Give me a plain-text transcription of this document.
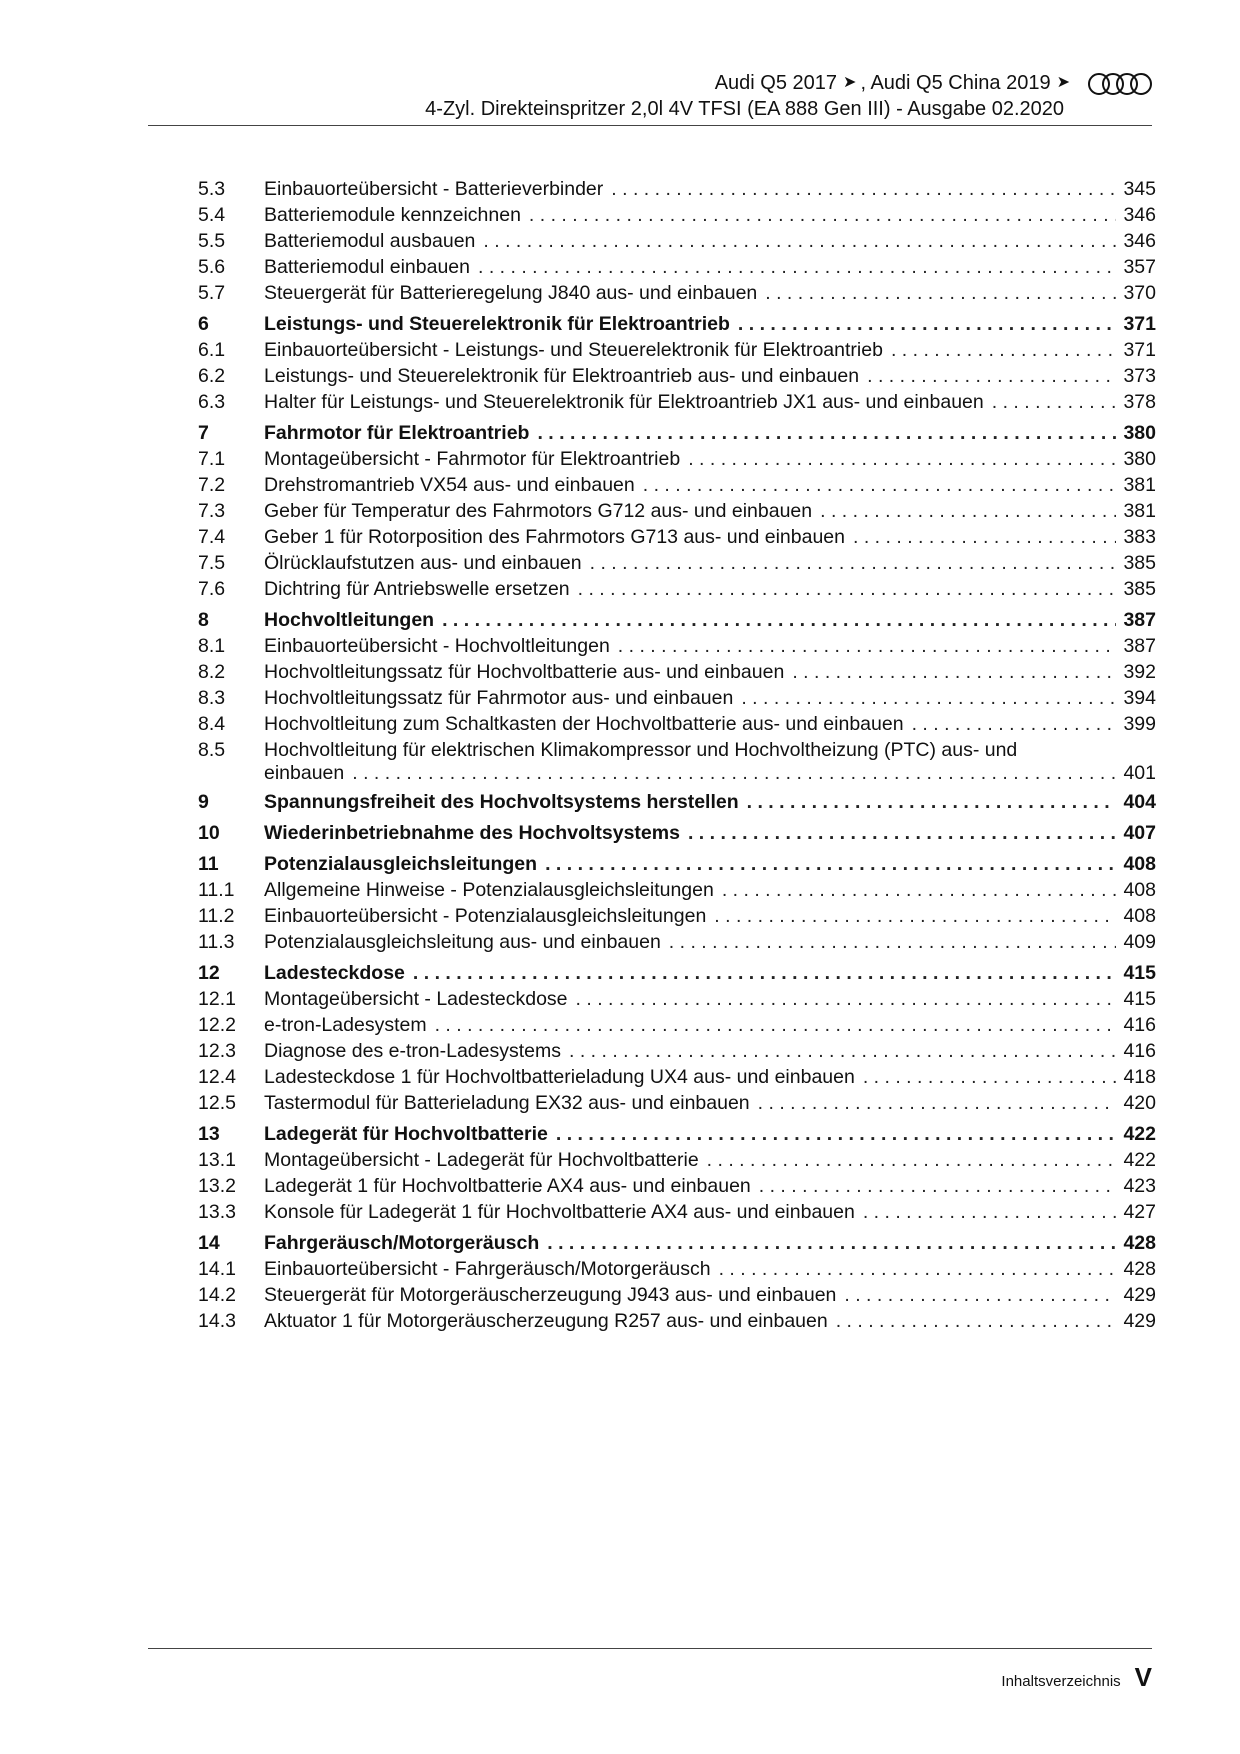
Audi Q5 2017 ➤ , Audi Q5 China 2019 ➤
4-Zyl. Direkteinspritzer 2,0l 4V TFSI (EA 888 Gen III) - Ausgabe 02.2020
5.3	Einbauorteübersicht - Batterieverbinder . . .	345
5.4	Batteriemodule kennzeichnen . . .	346
5.5	Batteriemodul ausbauen . . .	346
5.6	Batteriemodul einbauen . . .	357
5.7	Steuergerät für Batterieregelung J840 aus- und einbauen . . .	370
6	Leistungs- und Steuerelektronik für Elektroantrieb . . .	371
6.1	Einbauorteübersicht - Leistungs- und Steuerelektronik für Elektroantrieb . . .	371
6.2	Leistungs- und Steuerelektronik für Elektroantrieb aus- und einbauen . . .	373
6.3	Halter für Leistungs- und Steuerelektronik für Elektroantrieb JX1 aus- und einbauen . . .	378
7	Fahrmotor für Elektroantrieb . . .	380
7.1	Montageübersicht - Fahrmotor für Elektroantrieb . . .	380
7.2	Drehstromantrieb VX54 aus- und einbauen . . .	381
7.3	Geber für Temperatur des Fahrmotors G712 aus- und einbauen . . .	381
7.4	Geber 1 für Rotorposition des Fahrmotors G713 aus- und einbauen . . .	383
7.5	Ölrücklaufstutzen aus- und einbauen . . .	385
7.6	Dichtring für Antriebswelle ersetzen . . .	385
8	Hochvoltleitungen . . .	387
8.1	Einbauorteübersicht - Hochvoltleitungen . . .	387
8.2	Hochvoltleitungssatz für Hochvoltbatterie aus- und einbauen . . .	392
8.3	Hochvoltleitungssatz für Fahrmotor aus- und einbauen . . .	394
8.4	Hochvoltleitung zum Schaltkasten der Hochvoltbatterie aus- und einbauen . . .	399
8.5	Hochvoltleitung für elektrischen Klimakompressor und Hochvoltheizung (PTC) aus- und
einbauen . . .	401
9	Spannungsfreiheit des Hochvoltsystems herstellen . . .	404
10	Wiederinbetriebnahme des Hochvoltsystems . . .	407
11	Potenzialausgleichsleitungen . . .	408
11.1	Allgemeine Hinweise - Potenzialausgleichsleitungen . . .	408
11.2	Einbauorteübersicht - Potenzialausgleichsleitungen . . .	408
11.3	Potenzialausgleichsleitung aus- und einbauen . . .	409
12	Ladesteckdose . . .	415
12.1	Montageübersicht - Ladesteckdose . . .	415
12.2	e-tron-Ladesystem . . .	416
12.3	Diagnose des e-tron-Ladesystems . . .	416
12.4	Ladesteckdose 1 für Hochvoltbatterieladung UX4 aus- und einbauen . . .	418
12.5	Tastermodul für Batterieladung EX32 aus- und einbauen . . .	420
13	Ladegerät für Hochvoltbatterie . . .	422
13.1	Montageübersicht - Ladegerät für Hochvoltbatterie . . .	422
13.2	Ladegerät 1 für Hochvoltbatterie AX4 aus- und einbauen . . .	423
13.3	Konsole für Ladegerät 1 für Hochvoltbatterie AX4 aus- und einbauen . . .	427
14	Fahrgeräusch/Motorgeräusch . . .	428
14.1	Einbauorteübersicht - Fahrgeräusch/Motorgeräusch . . .	428
14.2	Steuergerät für Motorgeräuscherzeugung J943 aus- und einbauen . . .	429
14.3	Aktuator 1 für Motorgeräuscherzeugung R257 aus- und einbauen . . .	429
Inhaltsverzeichnis V
